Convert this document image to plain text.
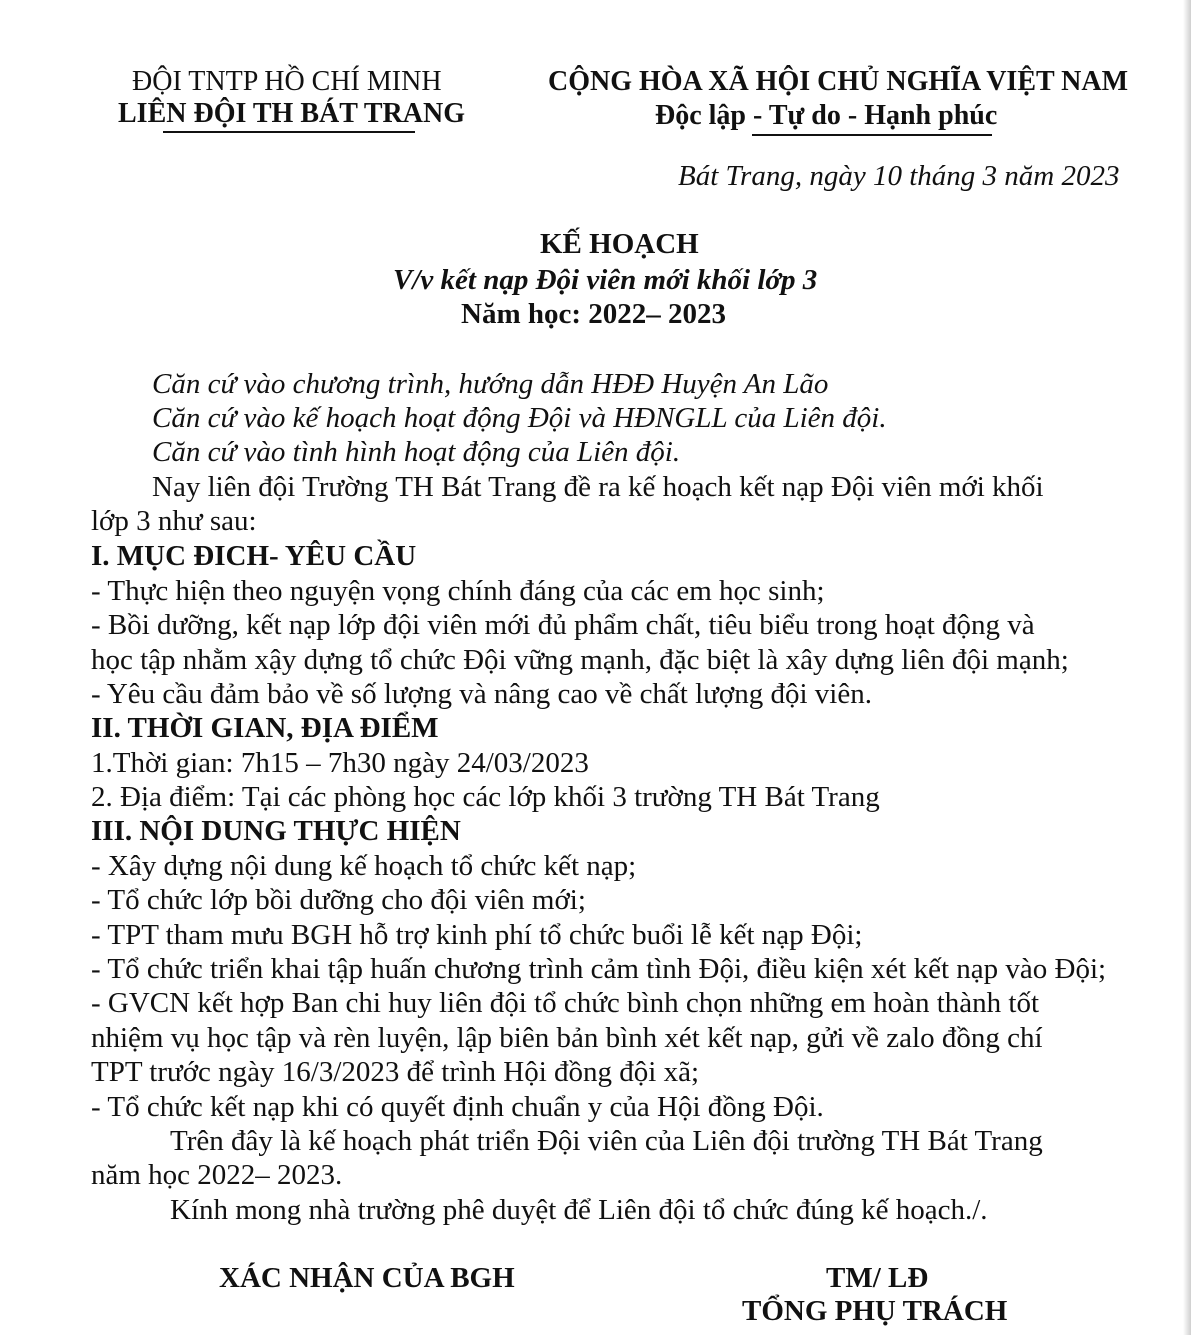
ĐỘI TNTP HỒ CHÍ MINH
LIÊN ĐỘI TH BÁT TRANG
CỘNG HÒA XÃ HỘI CHỦ NGHĨA VIỆT NAM
Độc lập - Tự do - Hạnh phúc
Bát Trang, ngày 10 tháng 3 năm 2023
KẾ HOẠCH
V/v kết nạp Đội viên mới khối lớp 3
Năm học: 2022– 2023
Căn cứ vào chương trình, hướng dẫn HĐĐ Huyện An Lão
Căn cứ vào kế hoạch hoạt động Đội và HĐNGLL của Liên đội.
Căn cứ vào tình hình hoạt động của Liên đội.
Nay liên đội Trường TH Bát Trang đề ra kế hoạch kết nạp Đội viên mới khối
lớp 3 như sau:
I. MỤC ĐICH- YÊU CẦU
- Thực hiện theo nguyện vọng chính đáng của các em học sinh;
- Bồi dưỡng, kết nạp lớp đội viên mới đủ phẩm chất, tiêu biểu trong hoạt động và
học tập nhằm xậy dựng tổ chức Đội vững mạnh, đặc biệt là xây dựng liên đội mạnh;
- Yêu cầu đảm bảo về số lượng và nâng cao về chất lượng đội viên.
II. THỜI GIAN, ĐỊA ĐIỂM
1.Thời gian: 7h15 – 7h30 ngày 24/03/2023
2. Địa điểm: Tại các phòng học các lớp khối 3 trường TH Bát Trang
III. NỘI DUNG THỰC HIỆN
- Xây dựng nội dung kế hoạch tổ chức kết nạp;
- Tổ chức lớp bồi dưỡng cho đội viên mới;
- TPT tham mưu BGH hỗ trợ kinh phí tổ chức buổi lễ kết nạp Đội;
- Tổ chức triển khai tập huấn chương trình cảm tình Đội, điều kiện xét kết nạp vào Đội;
- GVCN kết hợp Ban chi huy liên đội tổ chức bình chọn những em hoàn thành tốt
nhiệm vụ học tập và rèn luyện, lập biên bản bình xét kết nạp, gửi về zalo đồng chí
TPT trước ngày 16/3/2023 để trình Hội đồng đội xã;
- Tổ chức kết nạp khi có quyết định chuẩn y của Hội đồng Đội.
Trên đây là kế hoạch phát triển Đội viên của Liên đội trường TH Bát Trang
năm học 2022– 2023.
Kính mong nhà trường phê duyệt để Liên đội tổ chức đúng kế hoạch./.
XÁC NHẬN CỦA BGH	TM/ LĐ
TỔNG PHỤ TRÁCH
